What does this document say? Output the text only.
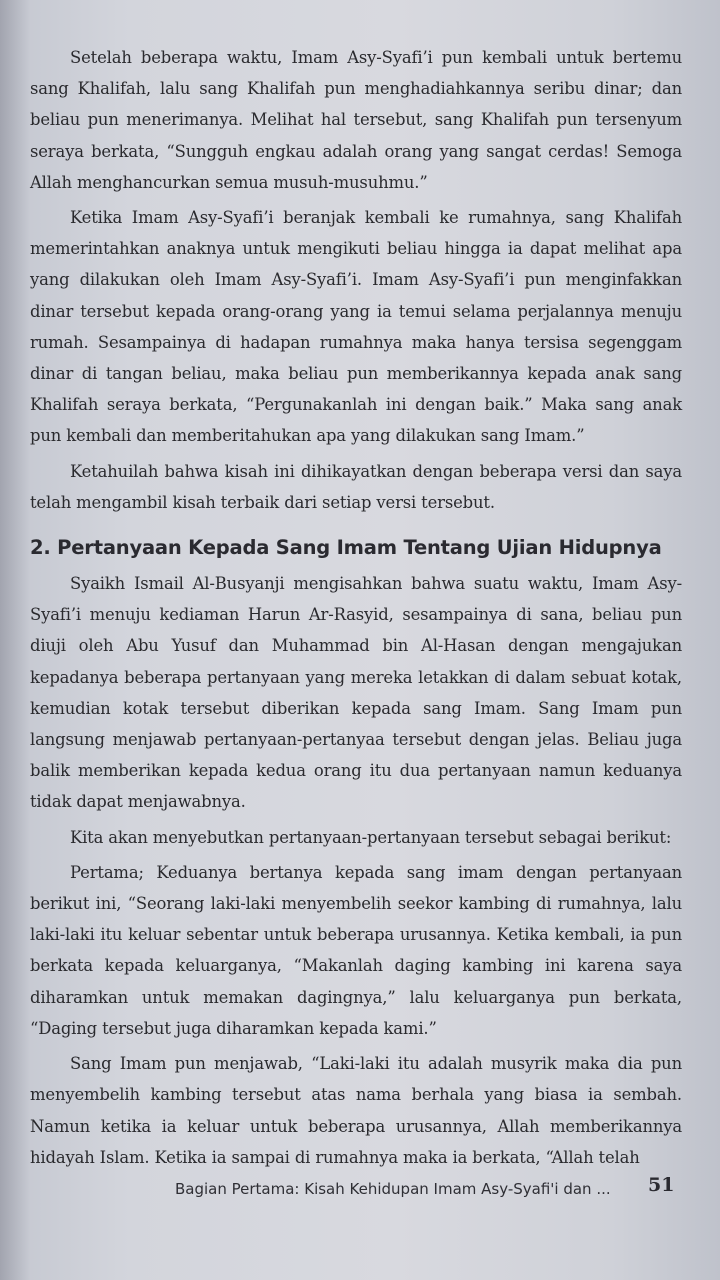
Setelah beberapa waktu, Imam Asy-Syafi’i pun kembali untuk bertemu sang Khalifah, lalu sang Khalifah pun menghadiahkannya seribu dinar; dan beliau pun menerimanya. Melihat hal tersebut, sang Khalifah pun tersenyum seraya berkata, “Sungguh engkau adalah orang yang sangat cerdas! Semoga Allah menghancurkan semua musuh-musuhmu.”

Ketika Imam Asy-Syafi’i beranjak kembali ke rumahnya, sang Khalifah memerintahkan anaknya untuk mengikuti beliau hingga ia dapat melihat apa yang dilakukan oleh Imam Asy-Syafi’i. Imam Asy-Syafi’i pun menginfakkan dinar tersebut kepada orang-orang yang ia temui selama perjalannya menuju rumah. Sesampainya di hadapan rumahnya maka hanya tersisa segenggam dinar di tangan beliau, maka beliau pun memberikannya kepada anak sang Khalifah seraya berkata, “Pergunakanlah ini dengan baik.” Maka sang anak pun kembali dan memberitahukan apa yang dilakukan sang Imam.”

Ketahuilah bahwa kisah ini dihikayatkan dengan beberapa versi dan saya telah mengambil kisah terbaik dari setiap versi tersebut.

2. Pertanyaan Kepada Sang Imam Tentang Ujian Hidupnya

Syaikh Ismail Al-Busyanji mengisahkan bahwa suatu waktu, Imam Asy-Syafi’i menuju kediaman Harun Ar-Rasyid, sesampainya di sana, beliau pun diuji oleh Abu Yusuf dan Muhammad bin Al-Hasan dengan mengajukan kepadanya beberapa pertanyaan yang mereka letakkan di dalam sebuat kotak, kemudian kotak tersebut diberikan kepada sang Imam. Sang Imam pun langsung menjawab pertanyaan-pertanyaa tersebut dengan jelas. Beliau juga balik memberikan kepada kedua orang itu dua pertanyaan namun keduanya tidak dapat menjawabnya.

Kita akan menyebutkan pertanyaan-pertanyaan tersebut sebagai berikut:

Pertama; Keduanya bertanya kepada sang imam dengan pertanyaan berikut ini, “Seorang laki-laki menyembelih seekor kambing di rumahnya, lalu laki-laki itu keluar sebentar untuk beberapa urusannya. Ketika kembali, ia pun berkata kepada keluarganya, “Makanlah daging kambing ini karena saya diharamkan untuk memakan dagingnya,” lalu keluarganya pun berkata, “Daging tersebut juga diharamkan kepada kami.”

Sang Imam pun menjawab, “Laki-laki itu adalah musyrik maka dia pun menyembelih kambing tersebut atas nama berhala yang biasa ia sembah. Namun ketika ia keluar untuk beberapa urusannya, Allah memberikannya hidayah Islam. Ketika ia sampai di rumahnya maka ia berkata, “Allah telah

Bagian Pertama: Kisah Kehidupan Imam Asy-Syafi'i dan ... 51
